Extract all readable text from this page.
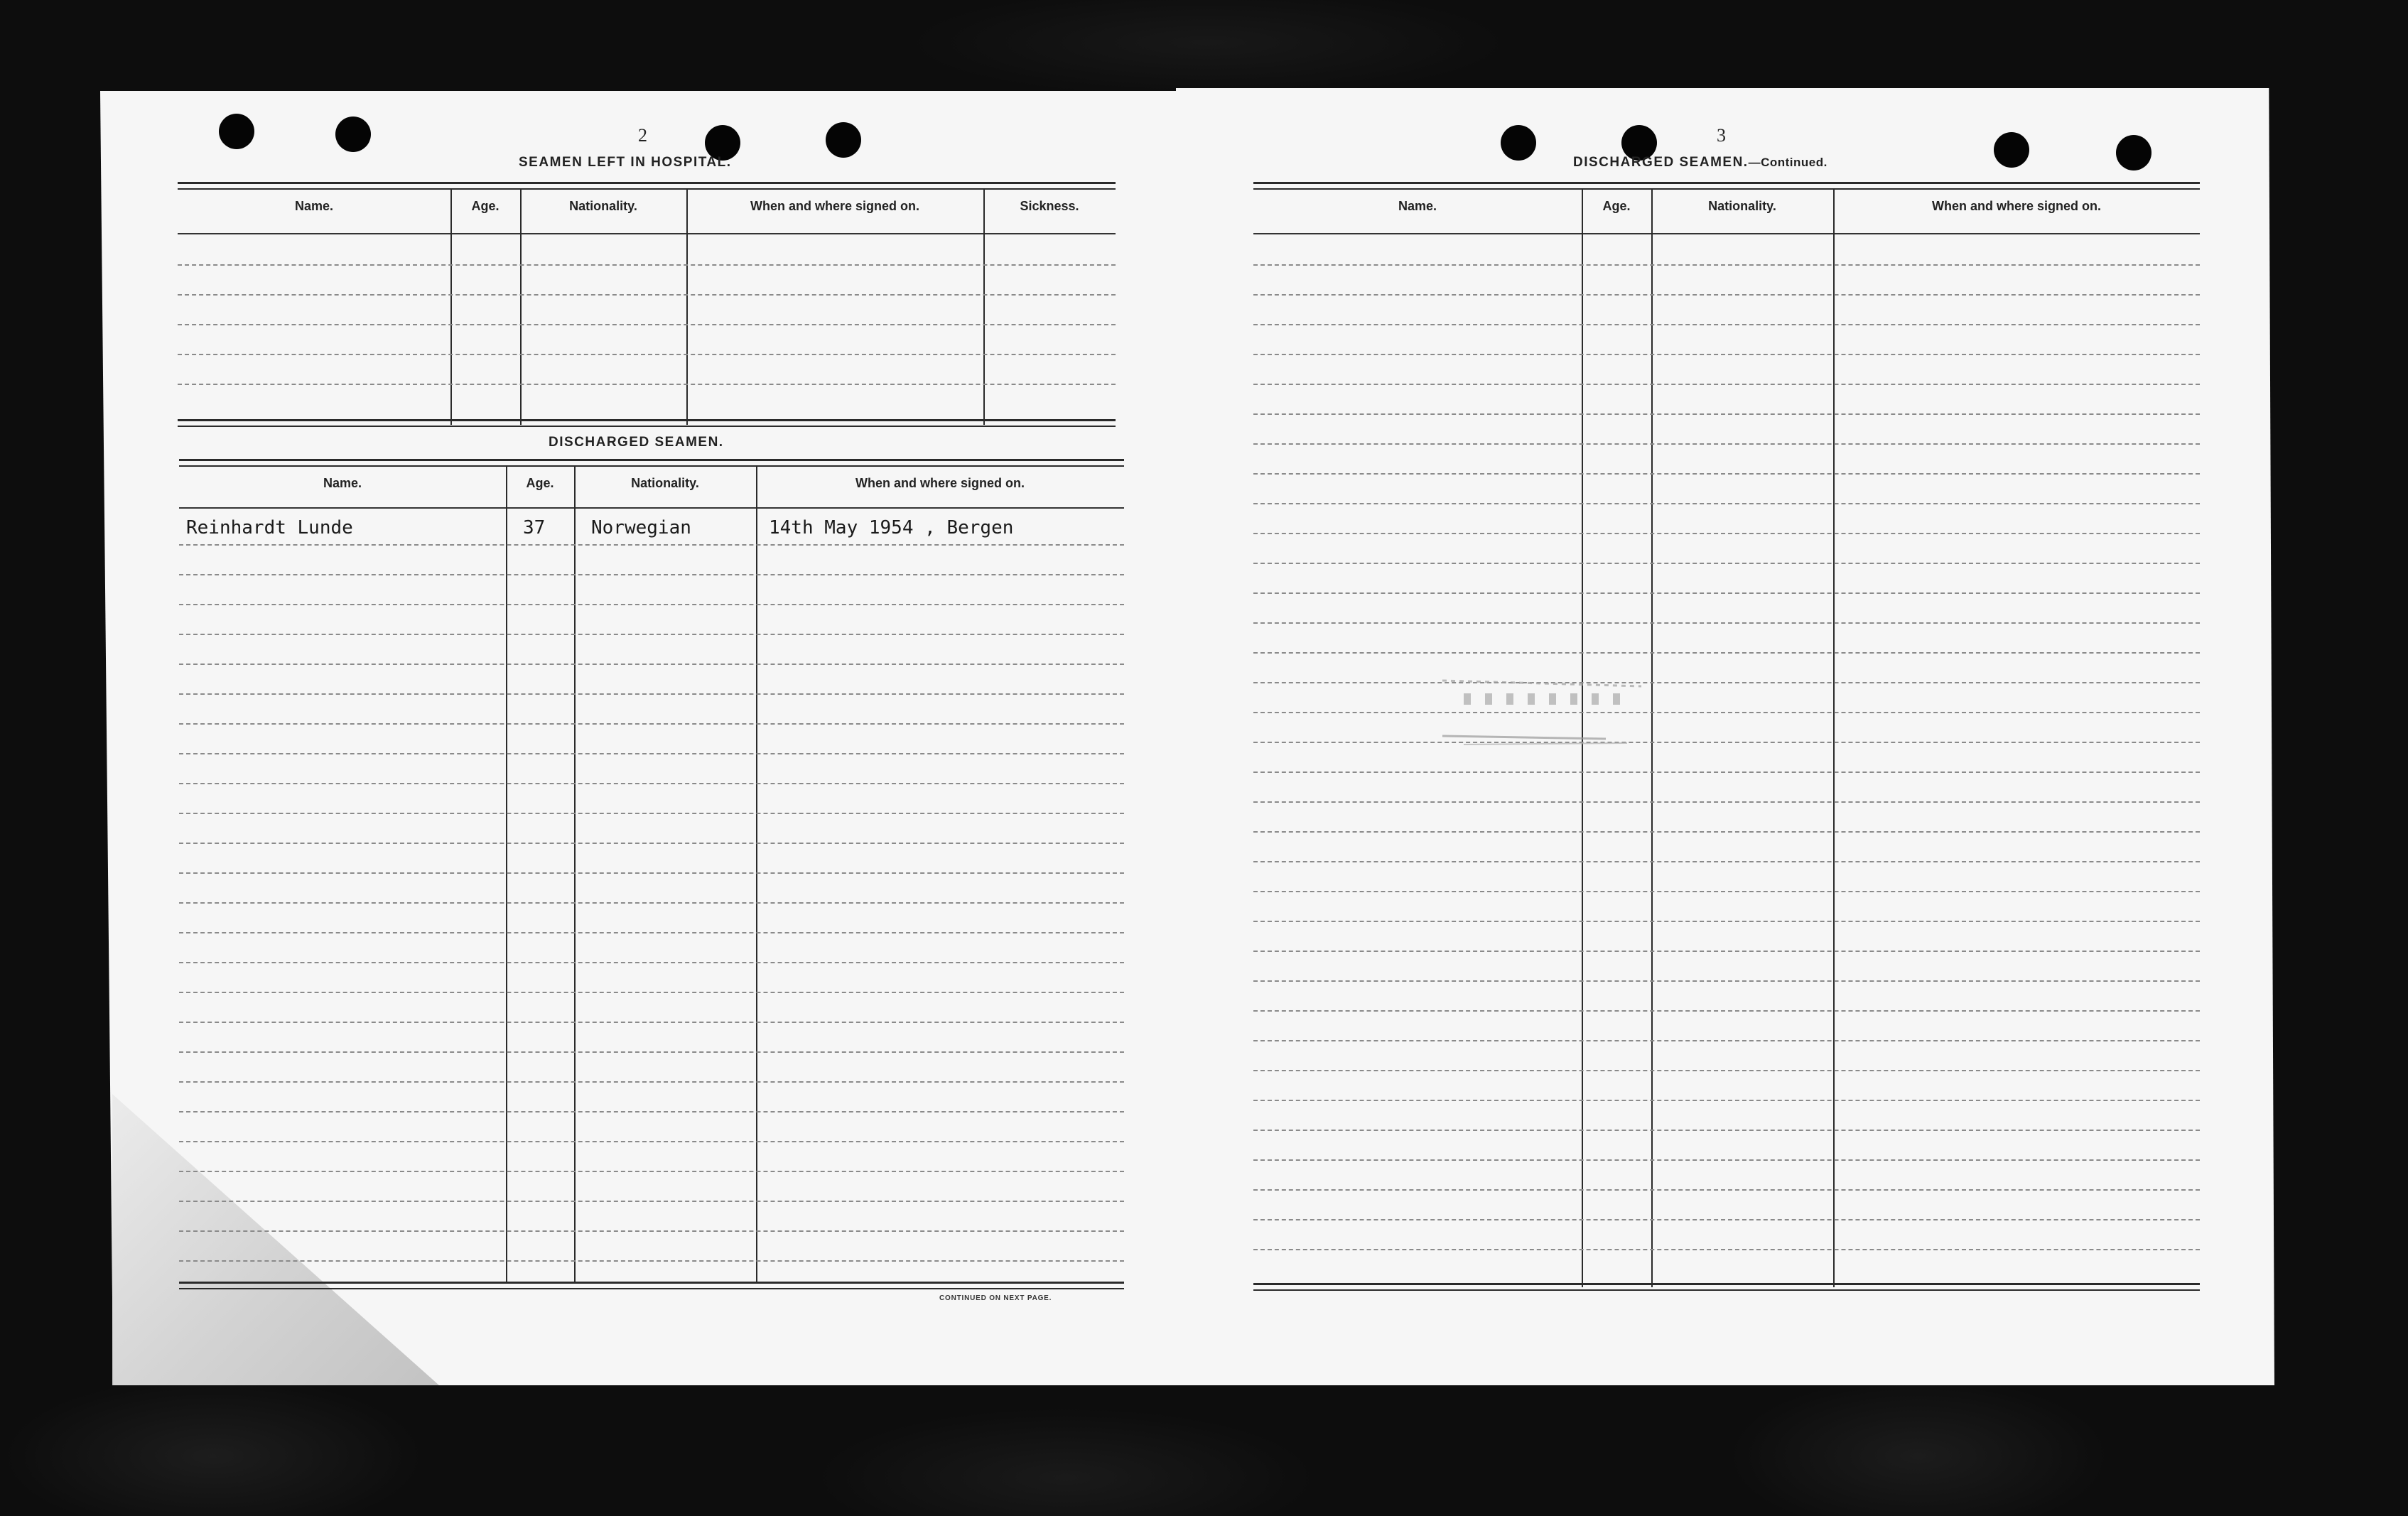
2
SEAMEN LEFT IN HOSPITAL.
Name.	Age.	Nationality.	When and where signed on.	Sickness.
DISCHARGED SEAMEN.
Name.	Age.	Nationality.	When and where signed on.
Reinhardt Lunde	37 Norwegian	14th May 1954 , Bergen
CONTINUED ON NEXT PAGE.
3
DISCHARGED SEAMEN.—Continued.
Name.	Age.	Nationality.	When and where signed on.
